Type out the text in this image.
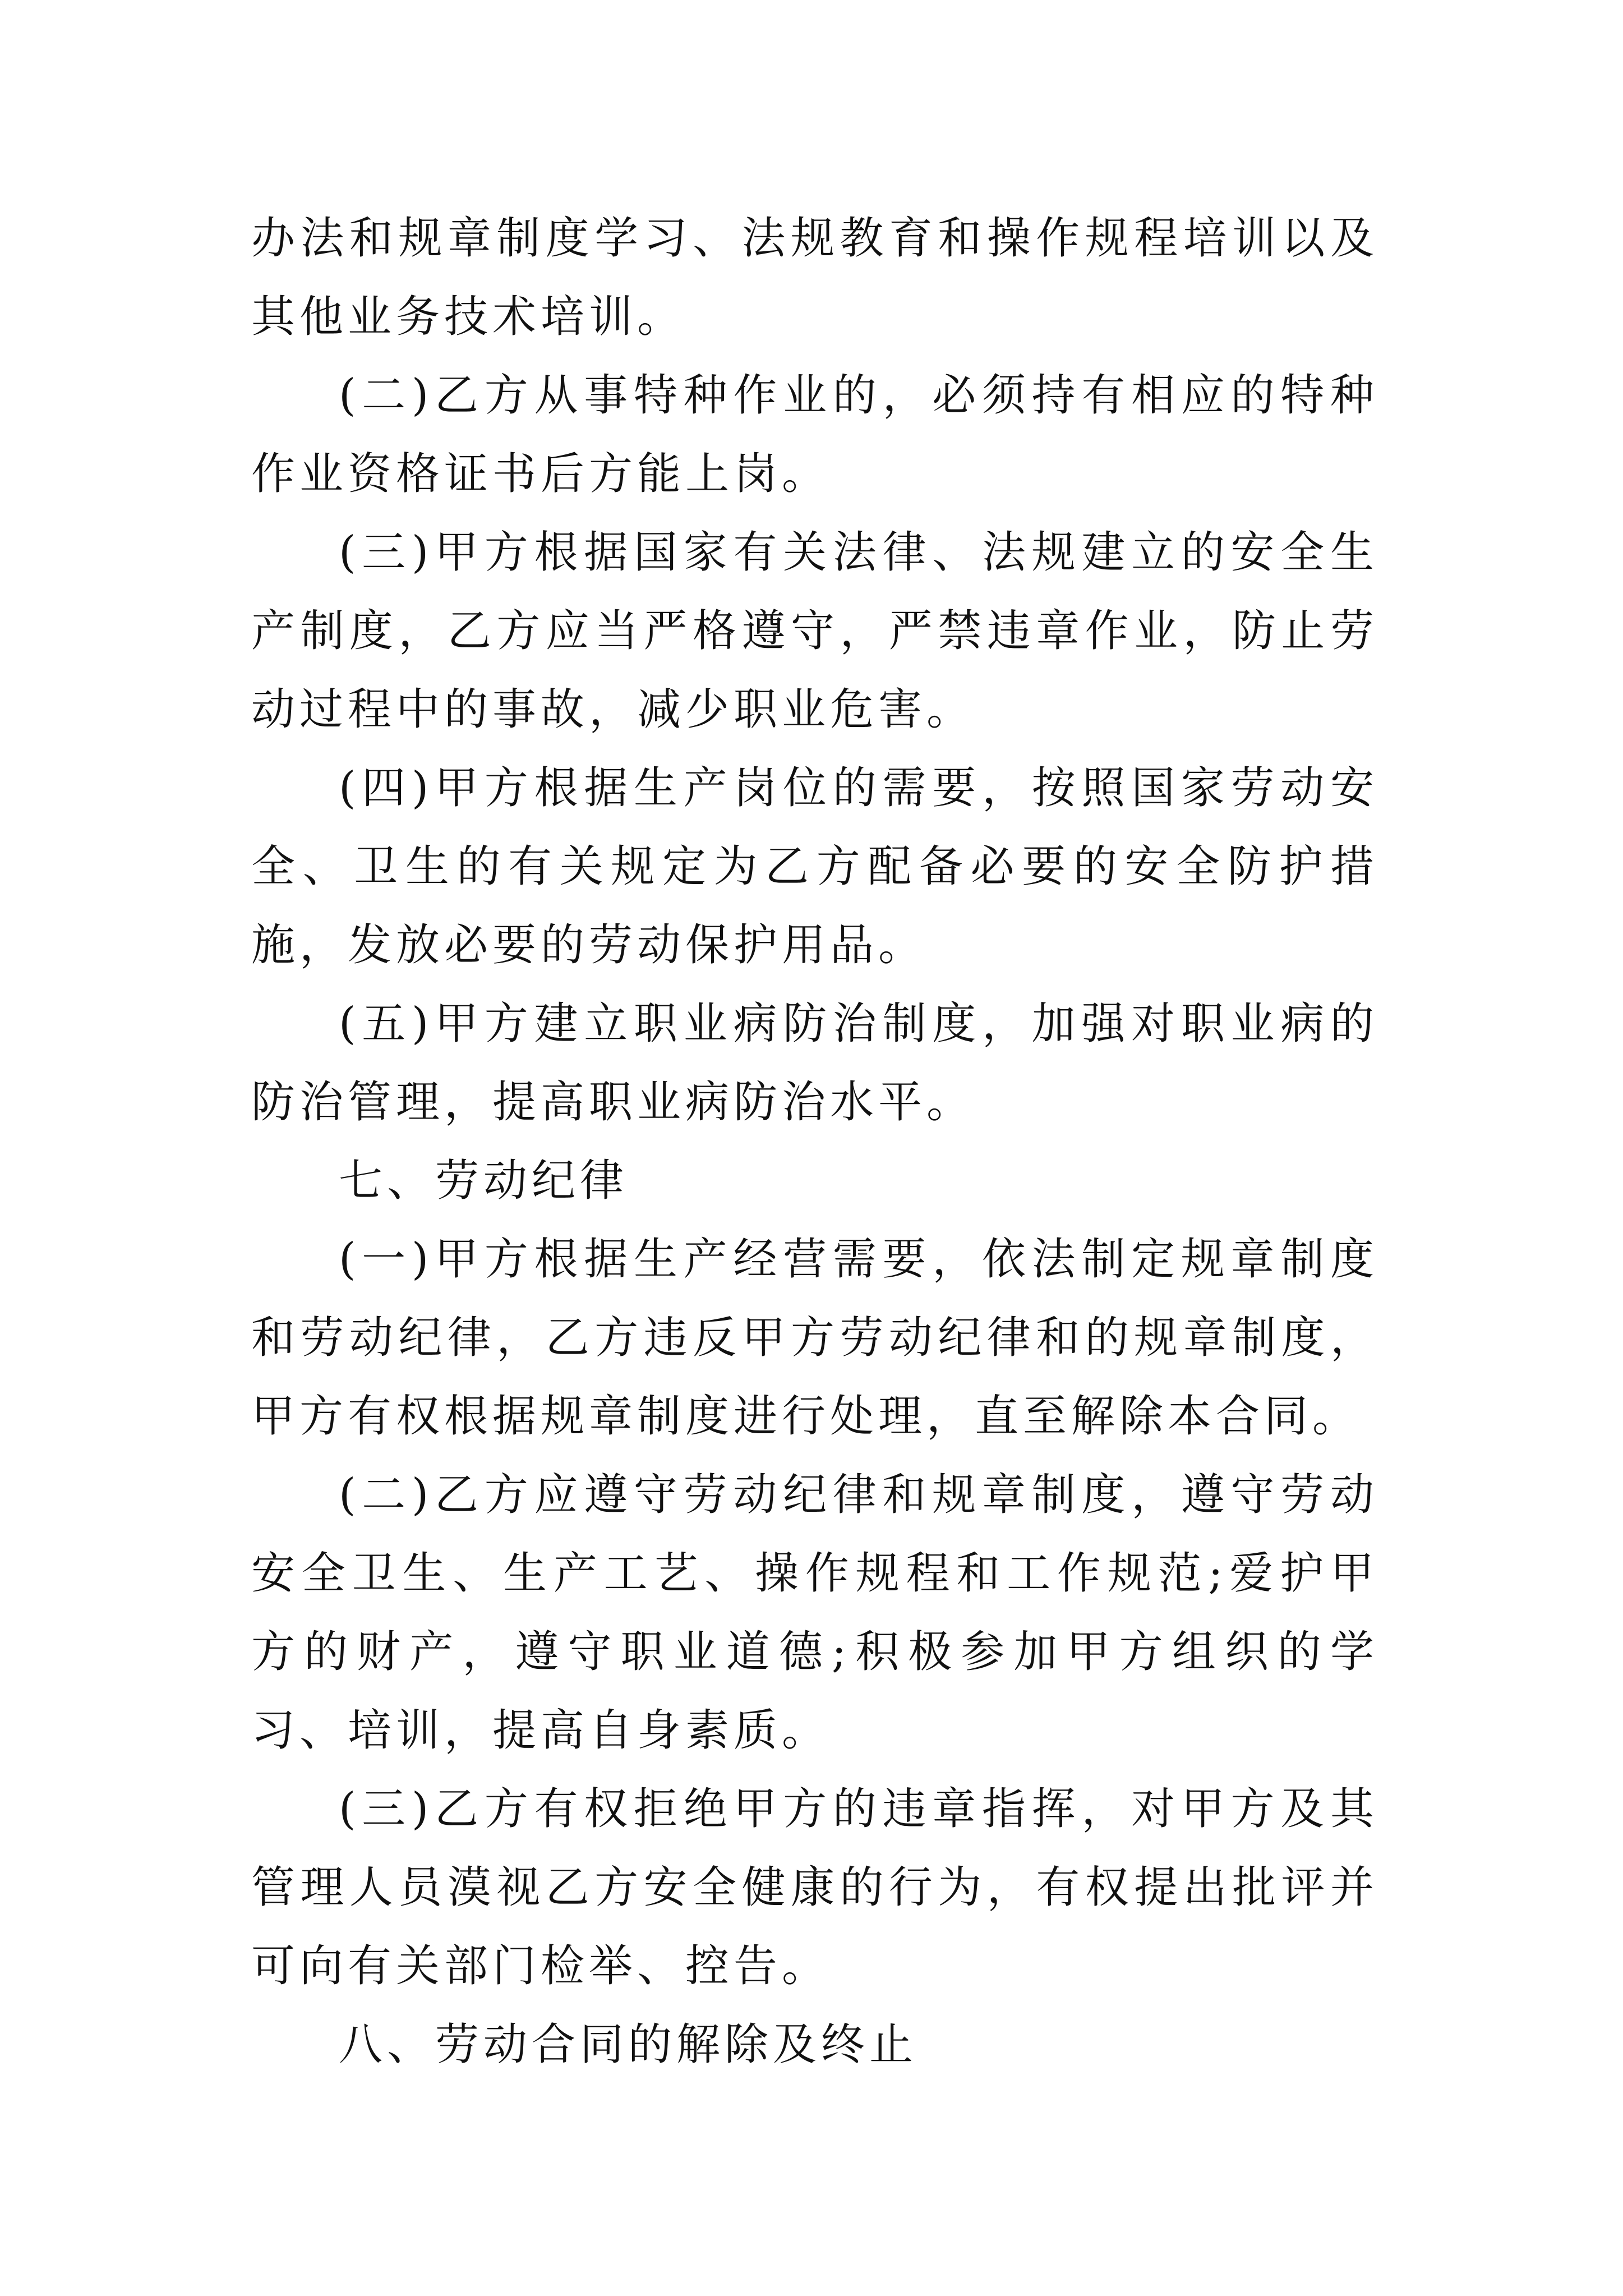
办法和规章制度学习、法规教育和操作规程培训以及其他业务技术培训。

(二)乙方从事特种作业的，必须持有相应的特种作业资格证书后方能上岗。

(三)甲方根据国家有关法律、法规建立的安全生产制度，乙方应当严格遵守，严禁违章作业，防止劳动过程中的事故，减少职业危害。

(四)甲方根据生产岗位的需要，按照国家劳动安全、卫生的有关规定为乙方配备必要的安全防护措施，发放必要的劳动保护用品。

(五)甲方建立职业病防治制度，加强对职业病的防治管理，提高职业病防治水平。

七、劳动纪律

(一)甲方根据生产经营需要，依法制定规章制度和劳动纪律，乙方违反甲方劳动纪律和的规章制度，甲方有权根据规章制度进行处理，直至解除本合同。

(二)乙方应遵守劳动纪律和规章制度，遵守劳动安全卫生、生产工艺、操作规程和工作规范;爱护甲方的财产，遵守职业道德;积极参加甲方组织的学习、培训，提高自身素质。

(三)乙方有权拒绝甲方的违章指挥，对甲方及其管理人员漠视乙方安全健康的行为，有权提出批评并可向有关部门检举、控告。

八、劳动合同的解除及终止
